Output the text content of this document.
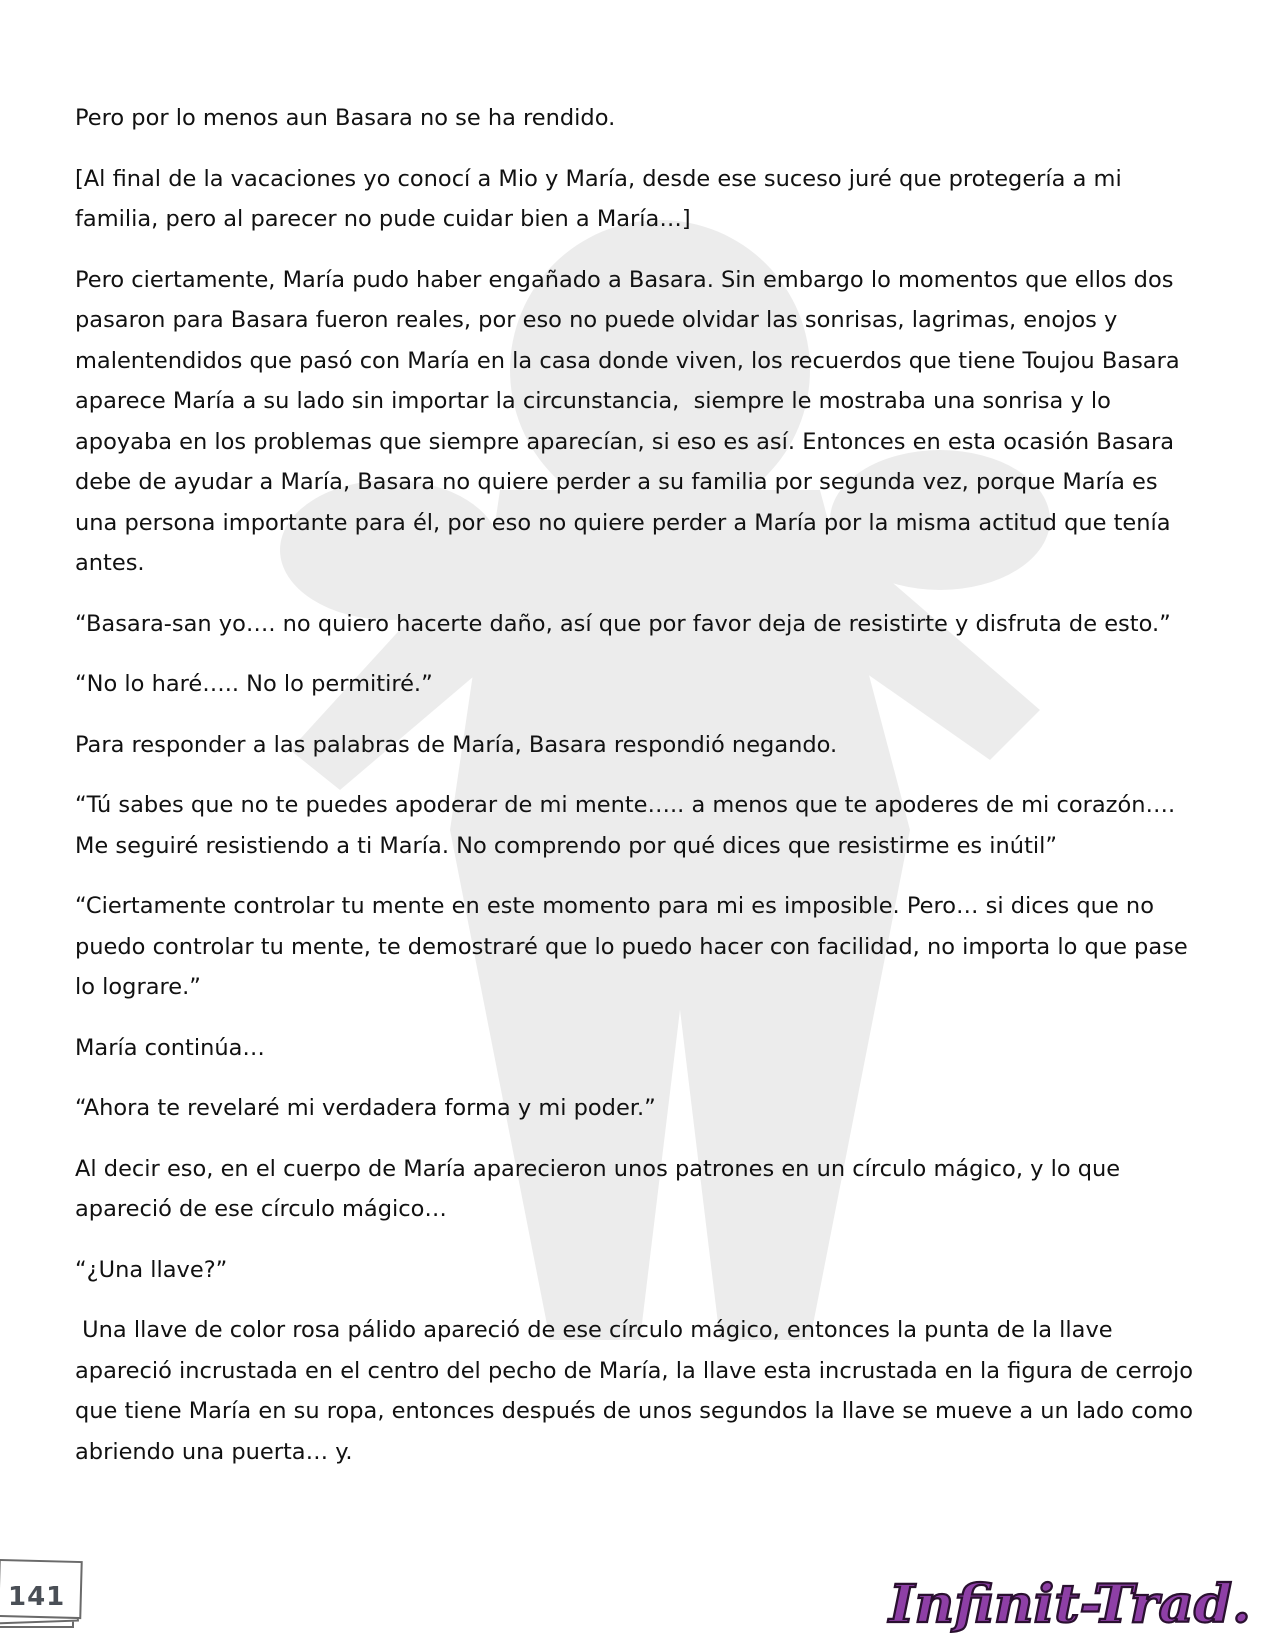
Pero por lo menos aun Basara no se ha rendido.

[Al final de la vacaciones yo conocí a Mio y María, desde ese suceso juré que protegería a mi familia, pero al parecer no pude cuidar bien a María…]

Pero ciertamente, María pudo haber engañado a Basara. Sin embargo lo momentos que ellos dos pasaron para Basara fueron reales, por eso no puede olvidar las sonrisas, lagrimas, enojos y malentendidos que pasó con María en la casa donde viven, los recuerdos que tiene Toujou Basara aparece María a su lado sin importar la circunstancia,  siempre le mostraba una sonrisa y lo apoyaba en los problemas que siempre aparecían, si eso es así. Entonces en esta ocasión Basara debe de ayudar a María, Basara no quiere perder a su familia por segunda vez, porque María es una persona importante para él, por eso no quiere perder a María por la misma actitud que tenía antes.

“Basara-san yo…. no quiero hacerte daño, así que por favor deja de resistirte y disfruta de esto.”

“No lo haré….. No lo permitiré.”

Para responder a las palabras de María, Basara respondió negando.

“Tú sabes que no te puedes apoderar de mi mente….. a menos que te apoderes de mi corazón…. Me seguiré resistiendo a ti María. No comprendo por qué dices que resistirme es inútil”

“Ciertamente controlar tu mente en este momento para mi es imposible. Pero… si dices que no puedo controlar tu mente, te demostraré que lo puedo hacer con facilidad, no importa lo que pase lo lograre.”

María continúa…

“Ahora te revelaré mi verdadera forma y mi poder.”

Al decir eso, en el cuerpo de María aparecieron unos patrones en un círculo mágico, y lo que apareció de ese círculo mágico…

“¿Una llave?”

Una llave de color rosa pálido apareció de ese círculo mágico, entonces la punta de la llave apareció incrustada en el centro del pecho de María, la llave esta incrustada en la figura de cerrojo que tiene María en su ropa, entonces después de unos segundos la llave se mueve a un lado como abriendo una puerta… y.

141	Infinit-Trad.
